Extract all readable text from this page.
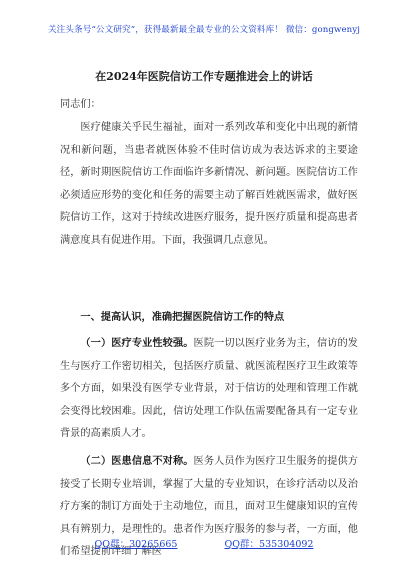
关注头条号“公文研究”，获得最新最全最专业的公文资料库！ 微信：gongwenyj
在2024年医院信访工作专题推进会上的讲话
同志们：

医疗健康关乎民生福祉，面对一系列改革和变化中出现的新情况和新问题，当患者就医体验不佳时信访成为表达诉求的主要途径，新时期医院信访工作面临许多新情况、新问题。医院信访工作必须适应形势的变化和任务的需要主动了解百姓就医需求，做好医院信访工作，这对于持续改进医疗服务，提升医疗质量和提高患者满意度具有促进作用。下面，我强调几点意见。

一、提高认识，准确把握医院信访工作的特点

（一）医疗专业性较强。医院一切以医疗业务为主，信访的发生与医疗工作密切相关，包括医疗质量、就医流程医疗卫生政策等多个方面，如果没有医学专业背景，对于信访的处理和管理工作就会变得比较困难。因此，信访处理工作队伍需要配备具有一定专业背景的高素质人才。

（二）医患信息不对称。医务人员作为医疗卫生服务的提供方接受了长期专业培训，掌握了大量的专业知识，在诊疗活动以及治疗方案的制订方面处于主动地位，而且，面对卫生健康知识的宣传具有辨别力，是理性的。患者作为医疗服务的参与者，一方面，他们希望提前详细了解医

QQ群：30265665	QQ群：535304092
